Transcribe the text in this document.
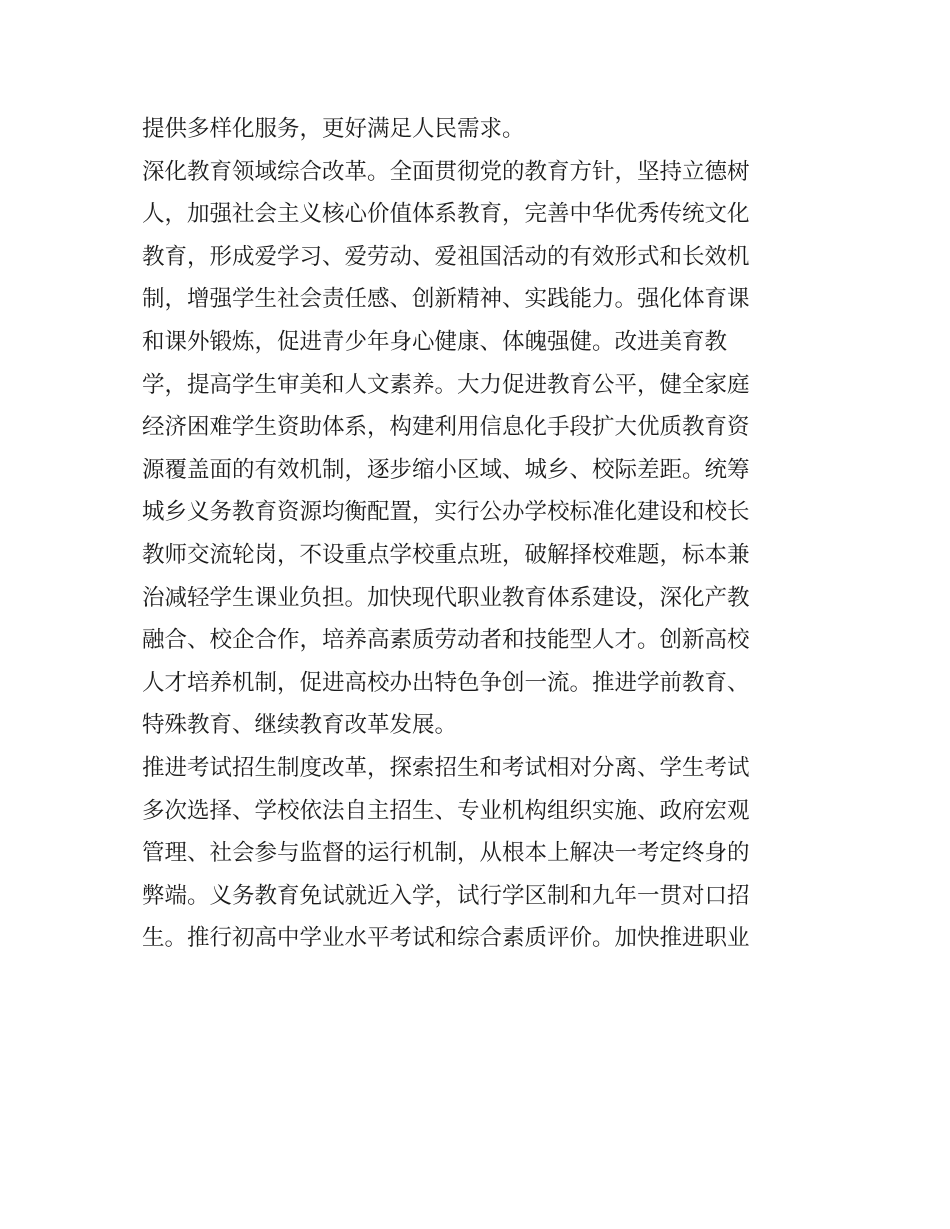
提供多样化服务，更好满足人民需求。
深化教育领域综合改革。全面贯彻党的教育方针，坚持立德树
人，加强社会主义核心价值体系教育，完善中华优秀传统文化
教育，形成爱学习、爱劳动、爱祖国活动的有效形式和长效机
制，增强学生社会责任感、创新精神、实践能力。强化体育课
和课外锻炼，促进青少年身心健康、体魄强健。改进美育教
学，提高学生审美和人文素养。大力促进教育公平，健全家庭
经济困难学生资助体系，构建利用信息化手段扩大优质教育资
源覆盖面的有效机制，逐步缩小区域、城乡、校际差距。统筹
城乡义务教育资源均衡配置，实行公办学校标准化建设和校长
教师交流轮岗，不设重点学校重点班，破解择校难题，标本兼
治减轻学生课业负担。加快现代职业教育体系建设，深化产教
融合、校企合作，培养高素质劳动者和技能型人才。创新高校
人才培养机制，促进高校办出特色争创一流。推进学前教育、
特殊教育、继续教育改革发展。
推进考试招生制度改革，探索招生和考试相对分离、学生考试
多次选择、学校依法自主招生、专业机构组织实施、政府宏观
管理、社会参与监督的运行机制，从根本上解决一考定终身的
弊端。义务教育免试就近入学，试行学区制和九年一贯对口招
生。推行初高中学业水平考试和综合素质评价。加快推进职业
